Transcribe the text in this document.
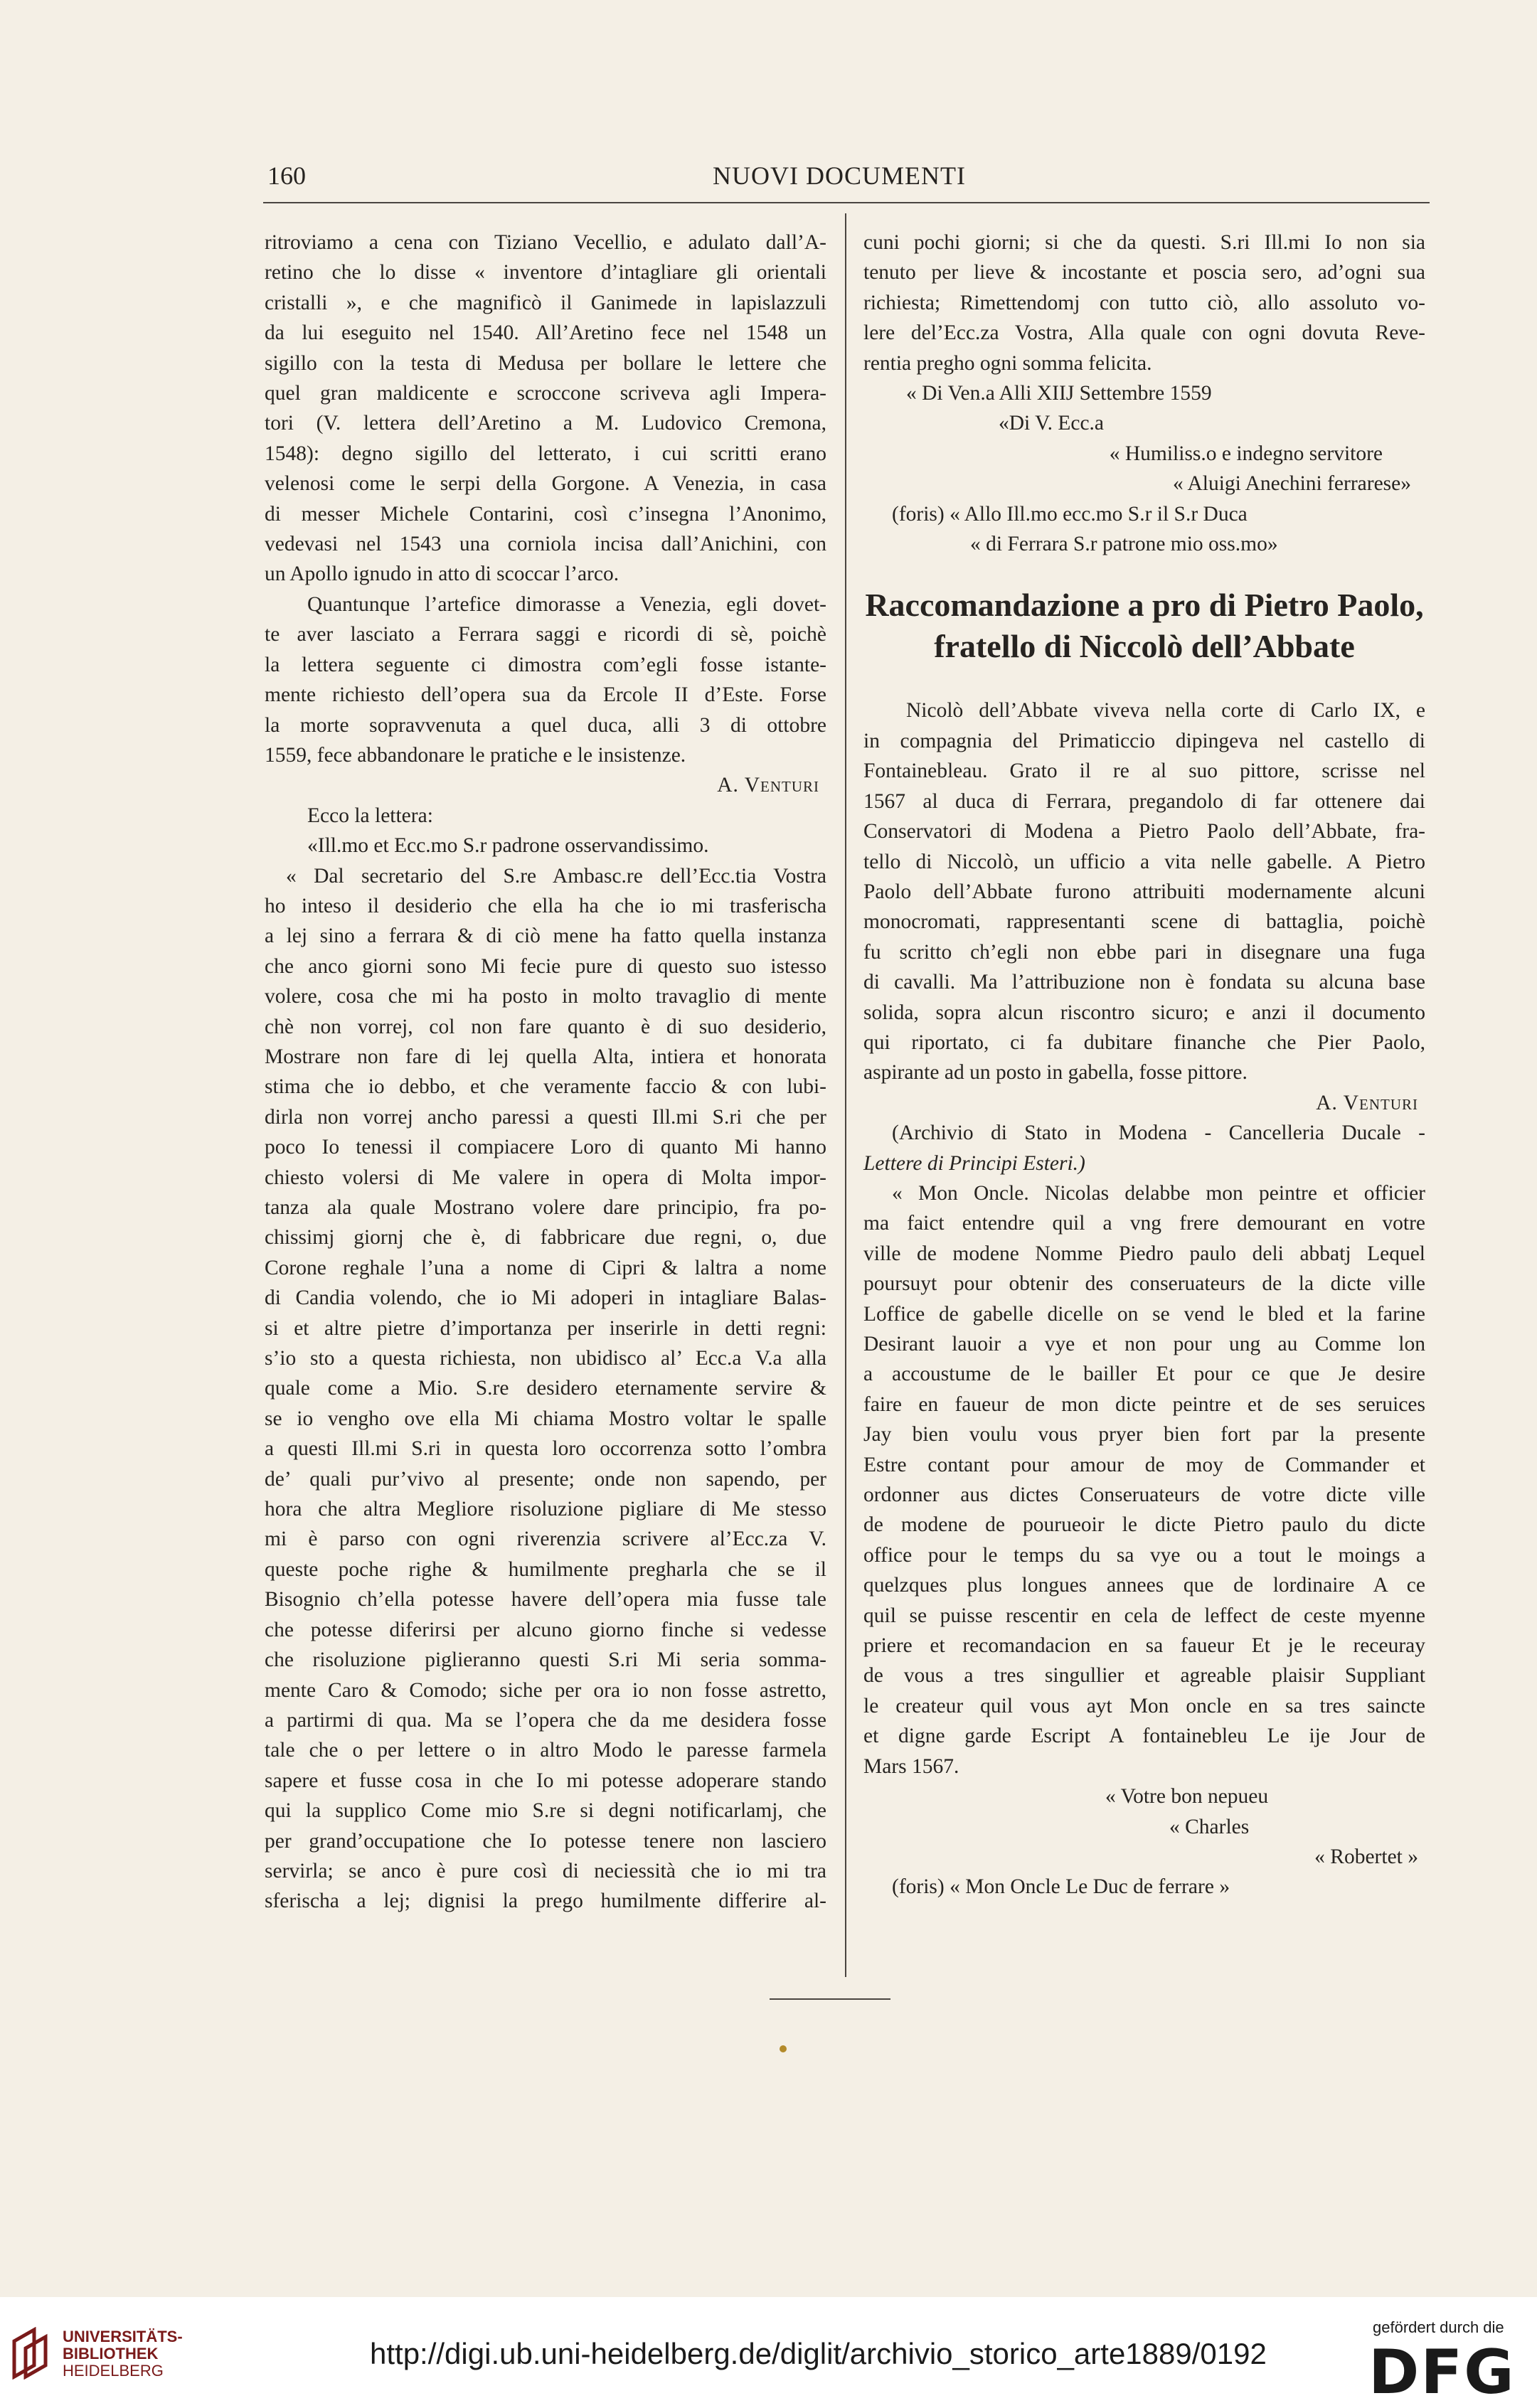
160	NUOVI DOCUMENTI

ritroviamo a cena con Tiziano Vecellio, e adulato dall’A-

retino che lo disse « inventore d’intagliare gli orientali

cristalli », e che magnificò il Ganimede in lapislazzuli

da lui eseguito nel 1540. All’Aretino fece nel 1548 un

sigillo con la testa di Medusa per bollare le lettere che

quel gran maldicente e scroccone scriveva agli Impera-

tori (V. lettera dell’Aretino a M. Ludovico Cremona,

1548): degno sigillo del letterato, i cui scritti erano

velenosi come le serpi della Gorgone. A Venezia, in casa

di messer Michele Contarini, così c’insegna l’Anonimo,

vedevasi nel 1543 una corniola incisa dall’Anichini, con

un Apollo ignudo in atto di scoccar l’arco.

Quantunque l’artefice dimorasse a Venezia, egli dovet-

te aver lasciato a Ferrara saggi e ricordi di sè, poichè

la lettera seguente ci dimostra com’egli fosse istante-

mente richiesto dell’opera sua da Ercole II d’Este. Forse

la morte sopravvenuta a quel duca, alli 3 di ottobre

1559, fece abbandonare le pratiche e le insistenze.

A. Venturi

Ecco la lettera:

«Ill.mo et Ecc.mo S.r padrone osservandissimo.

« Dal secretario del S.re Ambasc.re dell’Ecc.tia Vostra

ho inteso il desiderio che ella ha che io mi trasferischa

a lej sino a ferrara & di ciò mene ha fatto quella instanza

che anco giorni sono Mi fecie pure di questo suo istesso

volere, cosa che mi ha posto in molto travaglio di mente

chè non vorrej, col non fare quanto è di suo desiderio,

Mostrare non fare di lej quella Alta, intiera et honorata

stima che io debbo, et che veramente faccio & con lubi-

dirla non vorrej ancho paressi a questi Ill.mi S.ri che per

poco Io tenessi il compiacere Loro di quanto Mi hanno

chiesto volersi di Me valere in opera di Molta impor-

tanza ala quale Mostrano volere dare principio, fra po-

chissimj giornj che è, di fabbricare due regni, o, due

Corone reghale l’una a nome di Cipri & laltra a nome

di Candia volendo, che io Mi adoperi in intagliare Balas-

si et altre pietre d’importanza per inserirle in detti regni:

s’io sto a questa richiesta, non ubidisco al’ Ecc.a V.a alla

quale come a Mio. S.re desidero eternamente servire &

se io vengho ove ella Mi chiama Mostro voltar le spalle

a questi Ill.mi S.ri in questa loro occorrenza sotto l’ombra

de’ quali pur’vivo al presente; onde non sapendo, per

hora che altra Megliore risoluzione pigliare di Me stesso

mi è parso con ogni riverenzia scrivere al’Ecc.za V.

queste poche righe & humilmente pregharla che se il

Bisognio ch’ella potesse havere dell’opera mia fusse tale

che potesse diferirsi per alcuno giorno finche si vedesse

che risoluzione piglieranno questi S.ri Mi seria somma-

mente Caro & Comodo; siche per ora io non fosse astretto,

a partirmi di qua. Ma se l’opera che da me desidera fosse

tale che o per lettere o in altro Modo le paresse farmela

sapere et fusse cosa in che Io mi potesse adoperare stando

qui la supplico Come mio S.re si degni notificarlamj, che

per grand’occupatione che Io potesse tenere non lasciero

servirla; se anco è pure così di neciessità che io mi tra

sferischa a lej; dignisi la prego humilmente differire al-

cuni pochi giorni; si che da questi. S.ri Ill.mi Io non sia

tenuto per lieve & incostante et poscia sero, ad’ogni sua

richiesta; Rimettendomj con tutto ciò, allo assoluto vo-

lere del’Ecc.za Vostra, Alla quale con ogni dovuta Reve-

rentia pregho ogni somma felicita.

« Di Ven.a Alli XIIJ Settembre 1559

«Di V. Ecc.a

« Humiliss.o e indegno servitore

« Aluigi Anechini ferrarese»

(foris) « Allo Ill.mo ecc.mo S.r il S.r Duca

« di Ferrara S.r patrone mio oss.mo»

Raccomandazione a pro di Pietro Paolo,
fratello di Niccolò dell’Abbate

Nicolò dell’Abbate viveva nella corte di Carlo IX, e

in compagnia del Primaticcio dipingeva nel castello di

Fontainebleau. Grato il re al suo pittore, scrisse nel

1567 al duca di Ferrara, pregandolo di far ottenere dai

Conservatori di Modena a Pietro Paolo dell’Abbate, fra-

tello di Niccolò, un ufficio a vita nelle gabelle. A Pietro

Paolo dell’Abbate furono attribuiti modernamente alcuni

monocromati, rappresentanti scene di battaglia, poichè

fu scritto ch’egli non ebbe pari in disegnare una fuga

di cavalli. Ma l’attribuzione non è fondata su alcuna base

solida, sopra alcun riscontro sicuro; e anzi il documento

qui riportato, ci fa dubitare finanche che Pier Paolo,

aspirante ad un posto in gabella, fosse pittore.

A. Venturi

(Archivio di Stato in Modena - Cancelleria Ducale -

Lettere di Principi Esteri.)

« Mon Oncle. Nicolas delabbe mon peintre et officier

ma faict entendre quil a vng frere demourant en votre

ville de modene Nomme Piedro paulo deli abbatj Lequel

poursuyt pour obtenir des conseruateurs de la dicte ville

Loffice de gabelle dicelle on se vend le bled et la farine

Desirant lauoir a vye et non pour ung au Comme lon

a accoustume de le bailler Et pour ce que Je desire

faire en faueur de mon dicte peintre et de ses seruices

Jay bien voulu vous pryer bien fort par la presente

Estre contant pour amour de moy de Commander et

ordonner aus dictes Conseruateurs de votre dicte ville

de modene de pourueoir le dicte Pietro paulo du dicte

office pour le temps du sa vye ou a tout le moings a

quelzques plus longues annees que de lordinaire A ce

quil se puisse rescentir en cela de leffect de ceste myenne

priere et recomandacion en sa faueur Et je le receuray

de vous a tres singullier et agreable plaisir Suppliant

le createur quil vous ayt Mon oncle en sa tres saincte

et digne garde Escript A fontainebleu Le ije Jour de

Mars 1567.

« Votre bon nepueu

« Charles

« Robertet »

(foris) « Mon Oncle Le Duc de ferrare »

UNIVERSITÄTS-
BIBLIOTHEK
HEIDELBERG
http://digi.ub.uni-heidelberg.de/diglit/archivio_storico_arte1889/0192
gefördert durch die
DFG
